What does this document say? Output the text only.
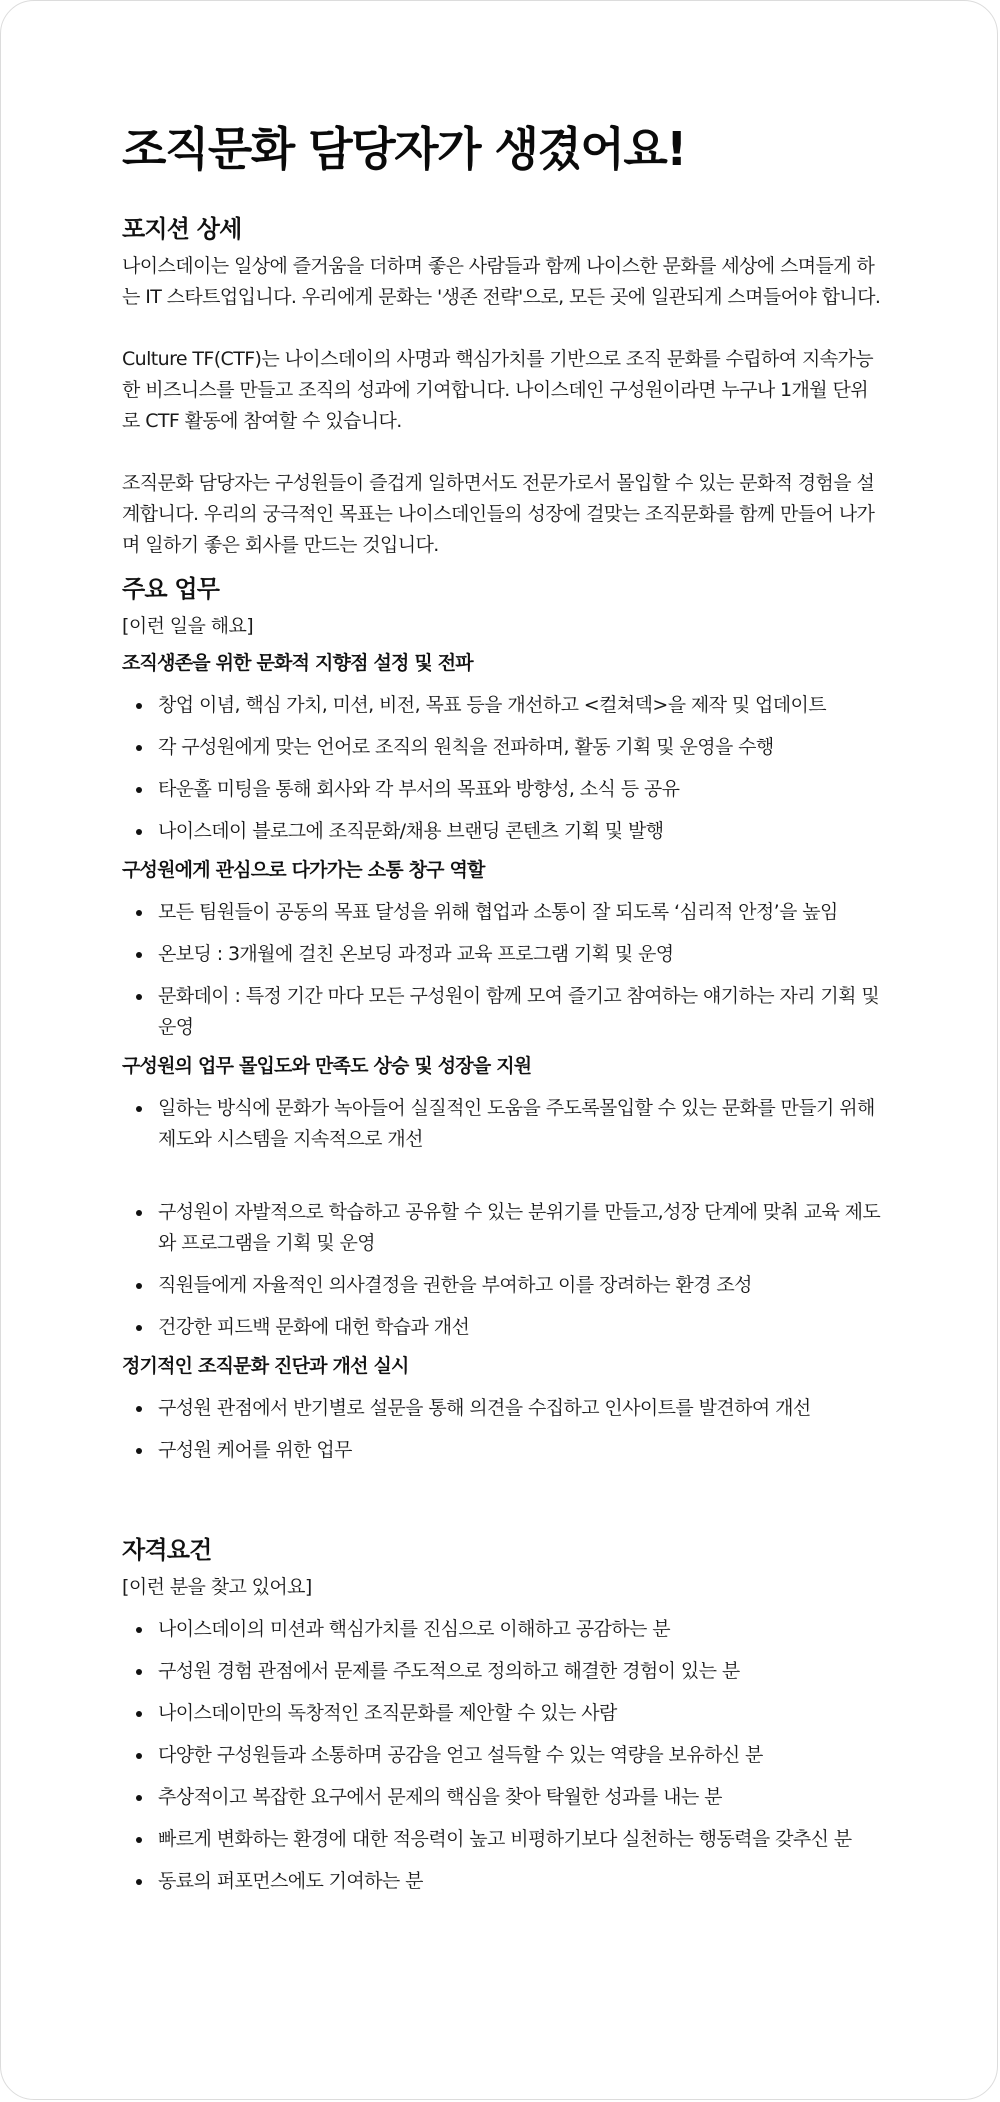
조직문화 담당자가 생겼어요!
포지션 상세

나이스데이는 일상에 즐거움을 더하며 좋은 사람들과 함께 나이스한 문화를 세상에 스며들게 하는 IT 스타트업입니다. 우리에게 문화는 '생존 전략'으로, 모든 곳에 일관되게 스며들어야 합니다.

Culture TF(CTF)는 나이스데이의 사명과 핵심가치를 기반으로 조직 문화를 수립하여 지속가능한 비즈니스를 만들고 조직의 성과에 기여합니다. 나이스데인 구성원이라면 누구나 1개월 단위로 CTF 활동에 참여할 수 있습니다.

조직문화 담당자는 구성원들이 즐겁게 일하면서도 전문가로서 몰입할 수 있는 문화적 경험을 설계합니다. 우리의 궁극적인 목표는 나이스데인들의 성장에 걸맞는 조직문화를 함께 만들어 나가며 일하기 좋은 회사를 만드는 것입니다.

주요 업무

[이런 일을 해요]

조직생존을 위한 문화적 지향점 설정 및 전파
창업 이념, 핵심 가치, 미션, 비전, 목표 등을 개선하고 <컬쳐덱>을 제작 및 업데이트
각 구성원에게 맞는 언어로 조직의 원칙을 전파하며, 활동 기획 및 운영을 수행
타운홀 미팅을 통해 회사와 각 부서의 목표와 방향성, 소식 등 공유
나이스데이 블로그에 조직문화/채용 브랜딩 콘텐츠 기획 및 발행
구성원에게 관심으로 다가가는 소통 창구 역할
모든 팀원들이 공동의 목표 달성을 위해 협업과 소통이 잘 되도록 ‘심리적 안정’을 높임
온보딩 : 3개월에 걸친 온보딩 과정과 교육 프로그램 기획 및 운영
문화데이 : 특정 기간 마다 모든 구성원이 함께 모여 즐기고 참여하는 얘기하는 자리 기획 및 운영
구성원의 업무 몰입도와 만족도 상승 및 성장을 지원
일하는 방식에 문화가 녹아들어 실질적인 도움을 주도록몰입할 수 있는 문화를 만들기 위해 제도와 시스템을 지속적으로 개선
구성원이 자발적으로 학습하고 공유할 수 있는 분위기를 만들고,성장 단계에 맞춰 교육 제도와 프로그램을 기획 및 운영
직원들에게 자율적인 의사결정을 권한을 부여하고 이를 장려하는 환경 조성
건강한 피드백 문화에 대헌 학습과 개선
정기적인 조직문화 진단과 개선 실시
구성원 관점에서 반기별로 설문을 통해 의견을 수집하고 인사이트를 발견하여 개선
구성원 케어를 위한 업무
자격요건

[이런 분을 찾고 있어요]

나이스데이의 미션과 핵심가치를 진심으로 이해하고 공감하는 분
구성원 경험 관점에서 문제를 주도적으로 정의하고 해결한 경험이 있는 분
나이스데이만의 독창적인 조직문화를 제안할 수 있는 사람
다양한 구성원들과 소통하며 공감을 얻고 설득할 수 있는 역량을 보유하신 분
추상적이고 복잡한 요구에서 문제의 핵심을 찾아 탁월한 성과를 내는 분
빠르게 변화하는 환경에 대한 적응력이 높고 비평하기보다 실천하는 행동력을 갖추신 분
동료의 퍼포먼스에도 기여하는 분
